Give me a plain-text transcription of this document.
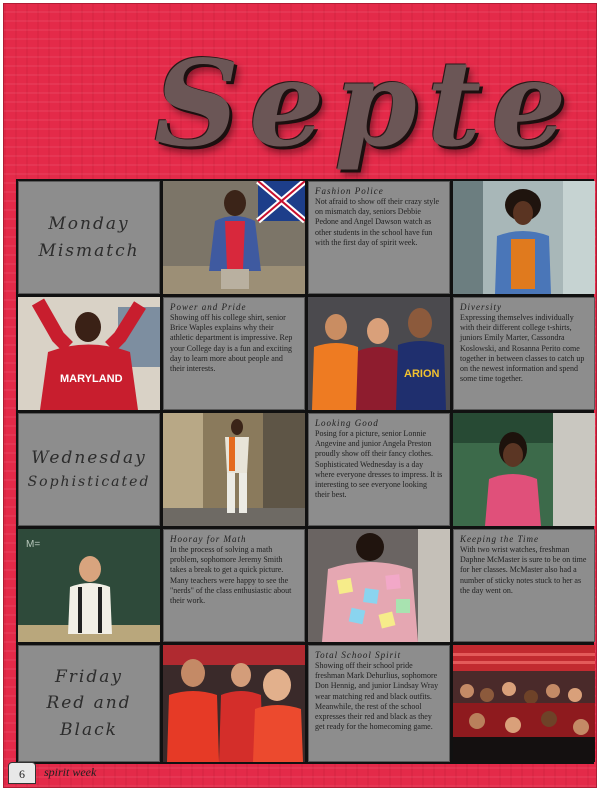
Septe
Monday
Mismatch
Fashion Police
Not afraid to show off their crazy style on mismatch day, seniors Debbie Pedone and Angel Dawson watch as other students in the school have fun with the first day of spirit week.
MARYLAND
Power and Pride
Showing off his college shirt, senior Brice Waples explains why their athletic department is impressive. Rep your College day is a fun and exciting day to learn more about people and their interests.	ARION
Diversity
Expressing themselves individually with their different college t-shirts, juniors Emily Marter, Cassondra Koslowski, and Rosanna Perito come together in between classes to catch up on the newest information and spend some time together.
Wednesday
Sophisticated
Looking Good
Posing for a picture, senior Lonnie Angevine and junior Angela Preston proudly show off their fancy clothes. Sophisticated Wednesday is a day where everyone dresses to impress. It is interesting to see everyone looking their best.
M=	Hooray for Math
In the process of solving a math problem, sophomore Jeremy Smith takes a break to get a quick picture. Many teachers were happy to see the "nerds" of the class enthusiastic about their work.
Keeping the Time
With two wrist watches, freshman Daphne McMaster is sure to be on time for her classes. McMaster also had a number of sticky notes stuck to her as the day went on.
Friday
Red and
Black
Total School Spirit
Showing off their school pride freshman Mark Dehurlius, sophomore Don Hennig, and junior Lindsay Wray wear matching red and black outfits. Meanwhile, the rest of the school expresses their red and black as they get ready for the homecoming game.
6	spirit week
